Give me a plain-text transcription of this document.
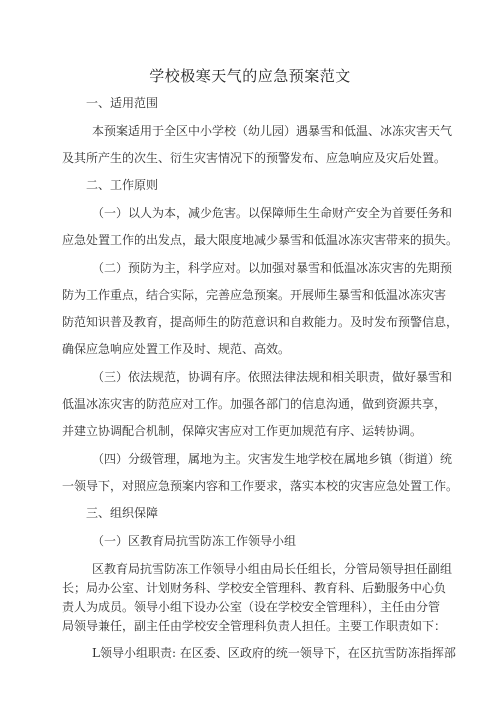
学校极寒天气的应急预案范文
一、适用范围
本预案适用于全区中小学校（幼儿园）遇暴雪和低温、冰冻灾害天气
及其所产生的次生、衍生灾害情况下的预警发布、应急响应及灾后处置。
二、工作原则
（一）以人为本，减少危害。以保障师生生命财产安全为首要任务和
应急处置工作的出发点，最大限度地减少暴雪和低温冰冻灾害带来的损失。
（二）预防为主，科学应对。以加强对暴雪和低温冰冻灾害的先期预
防为工作重点，结合实际，完善应急预案。开展师生暴雪和低温冰冻灾害
防范知识普及教育，提高师生的防范意识和自救能力。及时发布预警信息，
确保应急响应处置工作及时、规范、高效。
（三）依法规范，协调有序。依照法律法规和相关职责，做好暴雪和
低温冰冻灾害的防范应对工作。加强各部门的信息沟通，做到资源共享，
并建立协调配合机制，保障灾害应对工作更加规范有序、运转协调。
（四）分级管理，属地为主。灾害发生地学校在属地乡镇（街道）统
一领导下，对照应急预案内容和工作要求，落实本校的灾害应急处置工作。
三、组织保障
（一）区教育局抗雪防冻工作领导小组
区教育局抗雪防冻工作领导小组由局长任组长，分管局领导担任副组
长；局办公室、计划财务科、学校安全管理科、教育科、后勤服务中心负
责人为成员。领导小组下设办公室（设在学校安全管理科），主任由分管
局领导兼任，副主任由学校安全管理科负责人担任。主要工作职责如下：
L领导小组职责: 在区委、区政府的统一领导下，在区抗雪防冻指挥部
